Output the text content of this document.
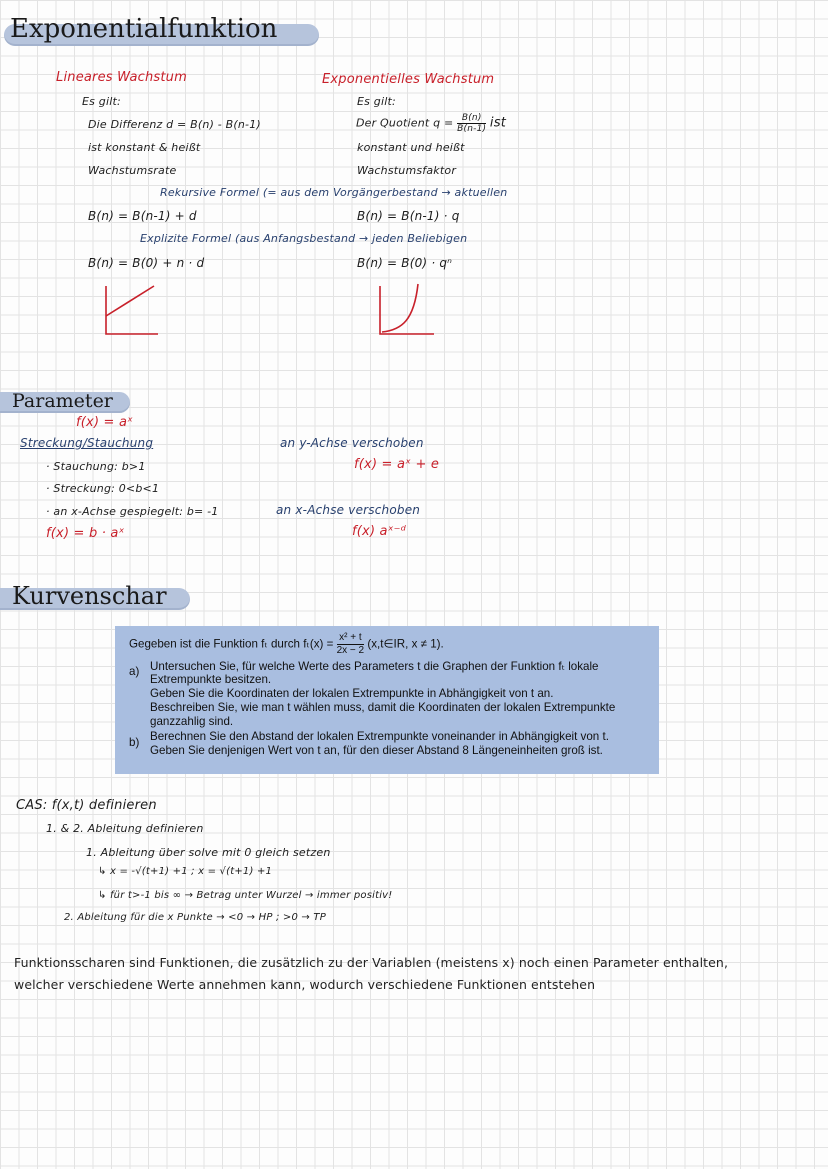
Exponentialfunktion
Lineares Wachstum
Es gilt:
Die Differenz d = B(n) - B(n-1)
ist konstant & heißt
Wachstumsrate
Exponentielles Wachstum
Es gilt:
Der Quotient $q = \frac{B(n)}{B(n-1)}$ ist
konstant und heißt
Wachstumsfaktor
Rekursive Formel (= aus dem Vorgängerbestand → aktuellen
B(n) = B(n-1) + d	B(n) = B(n-1) · q
Explizite Formel (aus Anfangsbestand → jeden Beliebigen
B(n) = B(0) + n · d	B(n) = B(0) · qⁿ
Parameter
f(x) = aˣ
Streckung/Stauchung
· Stauchung: b>1
· Streckung: 0<b<1
· an x-Achse gespiegelt: b= -1
f(x) = b · aˣ
an y-Achse verschoben
f(x) = aˣ + e
an x-Achse verschoben
f(x) aˣ⁻ᵈ
Kurvenschar
Gegeben ist die Funktion fₜ durch $f_t(x) = \frac{\text{x² + t}}{2x - 2}$ (x,t∈IR, x ≠ 1).
a) Untersuchen Sie, für welche Werte des Parameters t die Graphen der Funktion fₜ lokale
Extrempunkte besitzen.
Geben Sie die Koordinaten der lokalen Extrempunkte in Abhängigkeit von t an.
Beschreiben Sie, wie man t wählen muss, damit die Koordinaten der lokalen Extrempunkte
ganzzahlig sind.
b) Berechnen Sie den Abstand der lokalen Extrempunkte voneinander in Abhängigkeit von t.
Geben Sie denjenigen Wert von t an, für den dieser Abstand 8 Längeneinheiten groß ist.
CAS: f(x,t) definieren
1. & 2. Ableitung definieren
1. Ableitung über solve mit 0 gleich setzen
↳ x = -√(t+1) +1 ; x = √(t+1) +1
↳ für t>-1 bis ∞ → Betrag unter Wurzel → immer positiv!
2. Ableitung für die x Punkte → <0 → HP ; >0 → TP
Funktionsscharen sind Funktionen, die zusätzlich zu der Variablen (meistens x) noch einen Parameter enthalten,
welcher verschiedene Werte annehmen kann, wodurch verschiedene Funktionen entstehen
